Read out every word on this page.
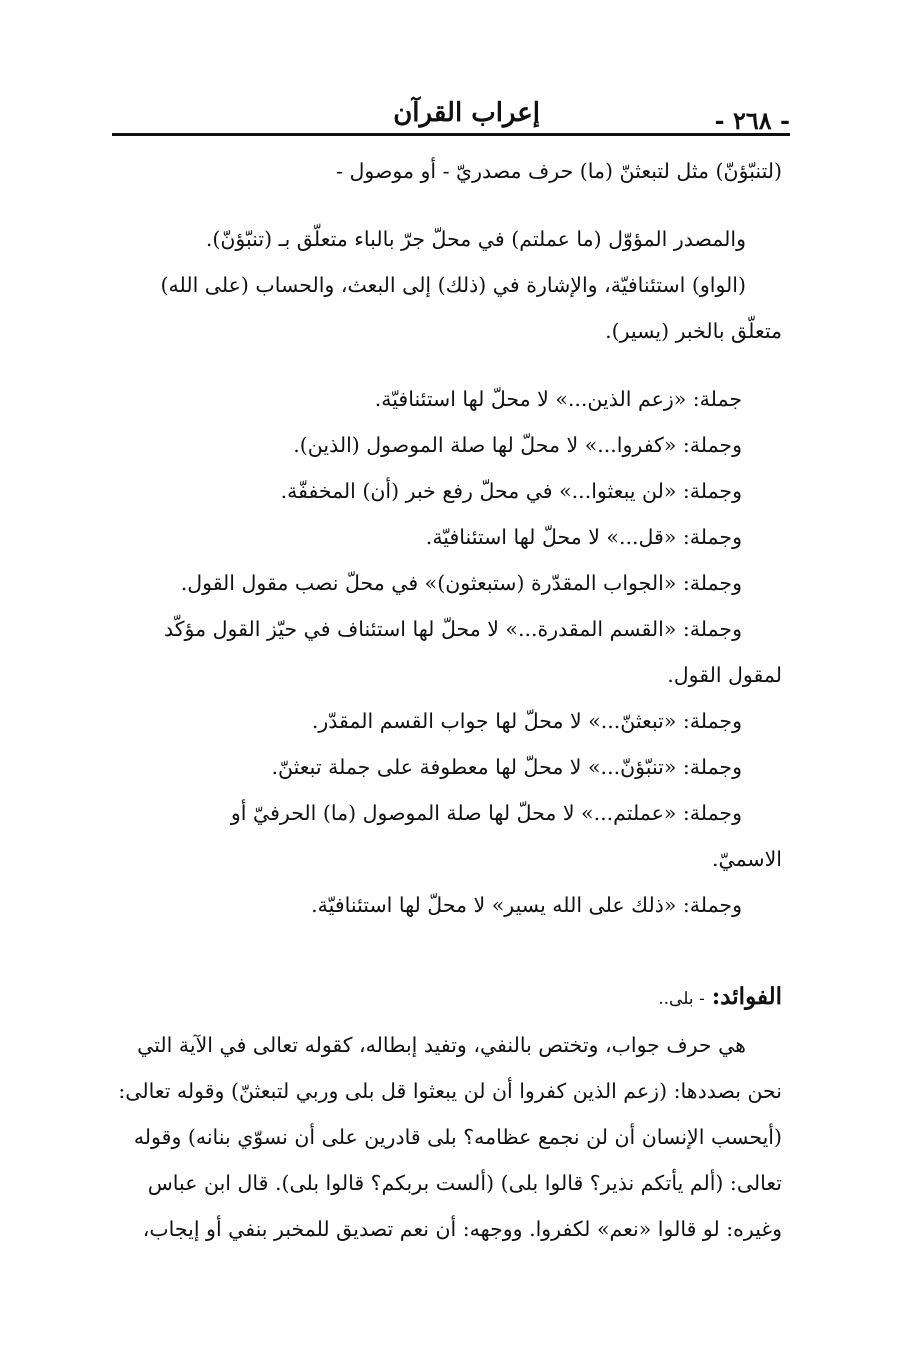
- ٢٦٨ -
إعراب القرآن

(لتنبّؤنّ) مثل لتبعثنّ (ما) حرف مصدريّ - أو موصول -

والمصدر المؤوّل (ما عملتم) في محلّ جرّ بالباء متعلّق بـ (تنبّؤنّ).

(الواو) استئنافيّة، والإشارة في (ذلك) إلى البعث، والحساب (على الله)

متعلّق بالخبر (يسير).

جملة: «زعم الذين...» لا محلّ لها استئنافيّة.

وجملة: «كفروا...» لا محلّ لها صلة الموصول (الذين).

وجملة: «لن يبعثوا...» في محلّ رفع خبر (أن) المخففّة.

وجملة: «قل...» لا محلّ لها استئنافيّة.

وجملة: «الجواب المقدّرة (ستبعثون)» في محلّ نصب مقول القول.

وجملة: «القسم المقدرة...» لا محلّ لها استئناف في حيّز القول مؤكّد

لمقول القول.

وجملة: «تبعثنّ...» لا محلّ لها جواب القسم المقدّر.

وجملة: «تنبّؤنّ...» لا محلّ لها معطوفة على جملة تبعثنّ.

وجملة: «عملتم...» لا محلّ لها صلة الموصول (ما) الحرفيّ أو

الاسميّ.

وجملة: «ذلك على الله يسير» لا محلّ لها استئنافيّة.

الفوائد: - بلى..

هي حرف جواب، وتختص بالنفي، وتفيد إبطاله، كقوله تعالى في الآية التي

نحن بصددها: (زعم الذين كفروا أن لن يبعثوا قل بلى وربي لتبعثنّ) وقوله تعالى:

(أيحسب الإنسان أن لن نجمع عظامه؟ بلى قادرين على أن نسوّي بنانه) وقوله

تعالى: (ألم يأتكم نذير؟ قالوا بلى) (ألست بربكم؟ قالوا بلى). قال ابن عباس

وغيره: لو قالوا «نعم» لكفروا. ووجهه: أن نعم تصديق للمخبر بنفي أو إيجاب،
